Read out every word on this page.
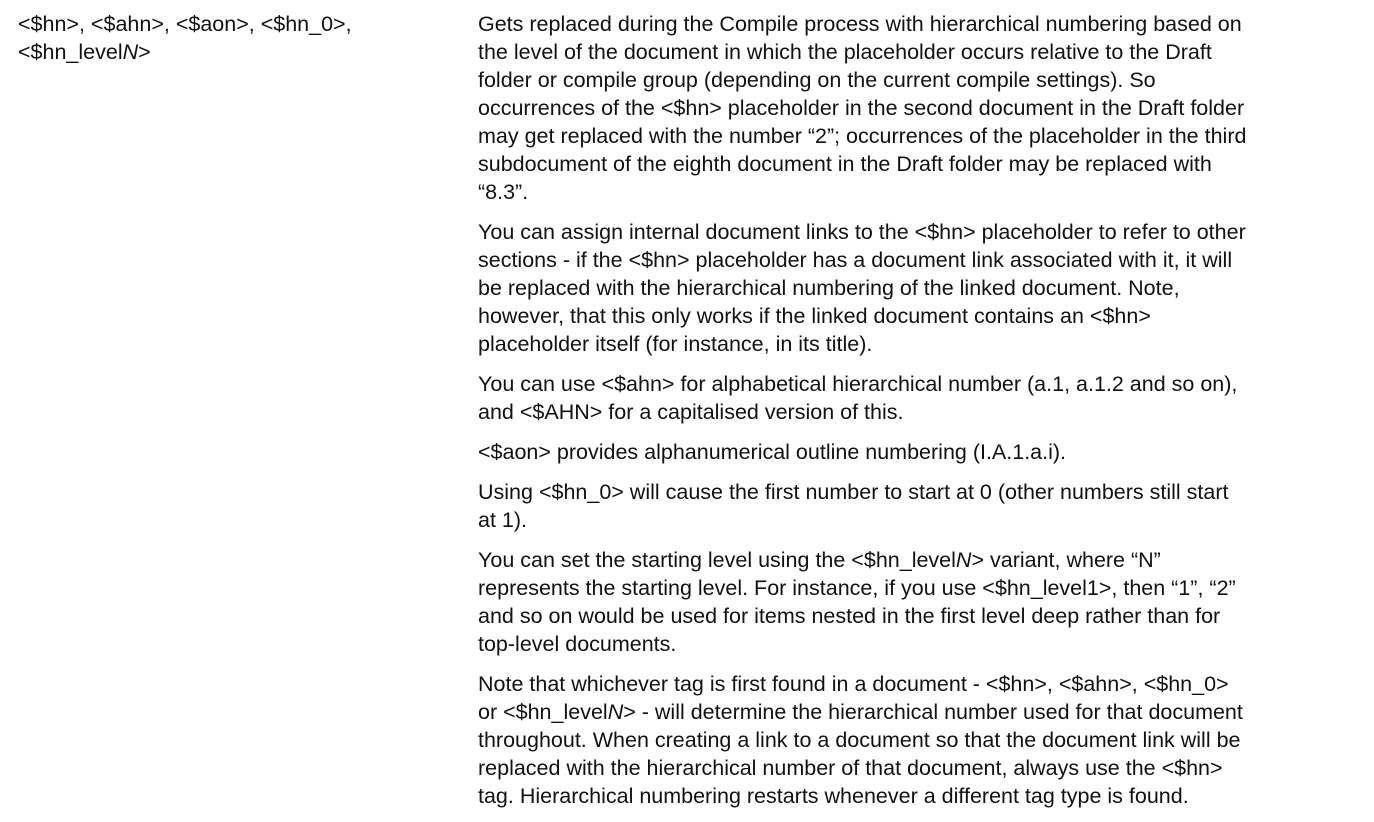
<$hn>, <$ahn>, <$aon>, <$hn_0>,
<$hn_levelN>

Gets replaced during the Compile process with hierarchical numbering based on
the level of the document in which the placeholder occurs relative to the Draft
folder or compile group (depending on the current compile settings). So
occurrences of the <$hn> placeholder in the second document in the Draft folder
may get replaced with the number “2”; occurrences of the placeholder in the third
subdocument of the eighth document in the Draft folder may be replaced with
“8.3”.

You can assign internal document links to the <$hn> placeholder to refer to other
sections - if the <$hn> placeholder has a document link associated with it, it will
be replaced with the hierarchical numbering of the linked document. Note,
however, that this only works if the linked document contains an <$hn>
placeholder itself (for instance, in its title).

You can use <$ahn> for alphabetical hierarchical number (a.1, a.1.2 and so on),
and <$AHN> for a capitalised version of this.

<$aon> provides alphanumerical outline numbering (I.A.1.a.i).

Using <$hn_0> will cause the first number to start at 0 (other numbers still start
at 1).

You can set the starting level using the <$hn_levelN> variant, where “N”
represents the starting level. For instance, if you use <$hn_level1>, then “1”, “2”
and so on would be used for items nested in the first level deep rather than for
top-level documents.

Note that whichever tag is first found in a document - <$hn>, <$ahn>, <$hn_0>
or <$hn_levelN> - will determine the hierarchical number used for that document
throughout. When creating a link to a document so that the document link will be
replaced with the hierarchical number of that document, always use the <$hn>
tag. Hierarchical numbering restarts whenever a different tag type is found.
